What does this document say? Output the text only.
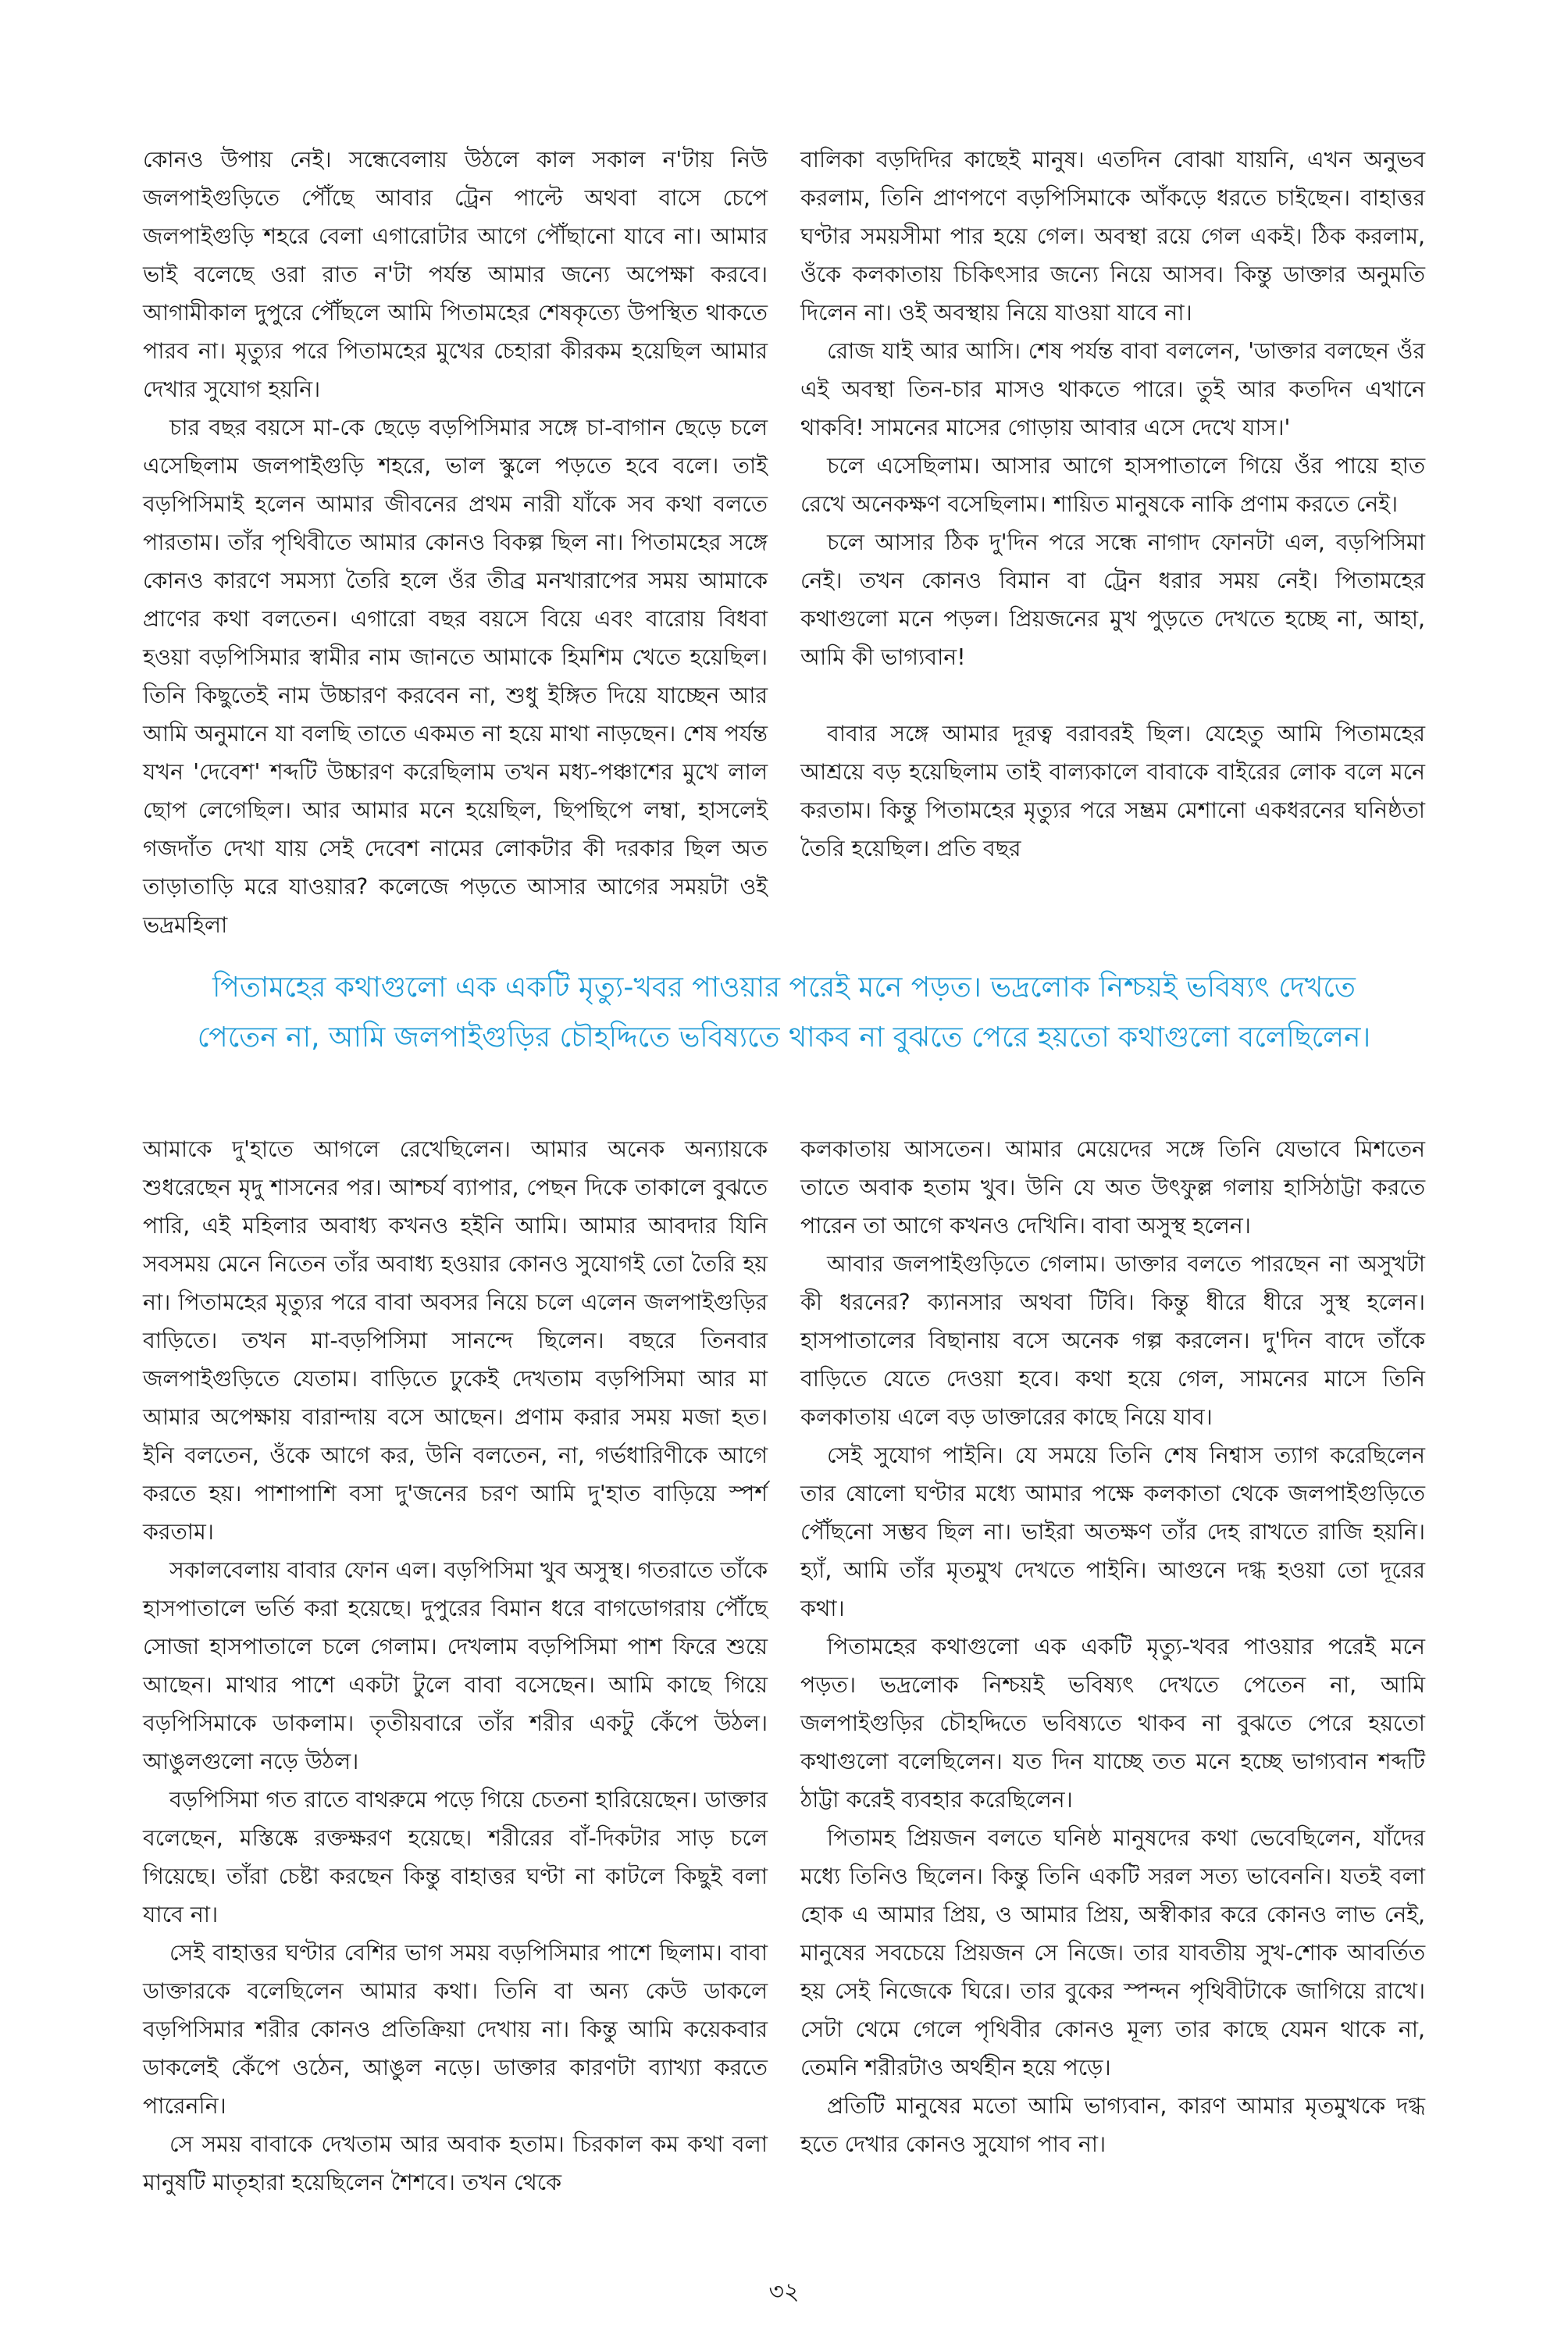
কোনও উপায় নেই। সন্ধেবেলায় উঠলে কাল সকাল ন'টায় নিউ জলপাইগুড়িতে পৌঁছে আবার ট্রেন পাল্টে অথবা বাসে চেপে জলপাইগুড়ি শহরে বেলা এগারোটার আগে পৌঁছানো যাবে না। আমার ভাই বলেছে ওরা রাত ন'টা পর্যন্ত আমার জন্যে অপেক্ষা করবে। আগামীকাল দুপুরে পৌঁছলে আমি পিতামহের শেষকৃত্যে উপস্থিত থাকতে পারব না। মৃত্যুর পরে পিতামহের মুখের চেহারা কীরকম হয়েছিল আমার দেখার সুযোগ হয়নি।

চার বছর বয়সে মা-কে ছেড়ে বড়পিসিমার সঙ্গে চা-বাগান ছেড়ে চলে এসেছিলাম জলপাইগুড়ি শহরে, ভাল স্কুলে পড়তে হবে বলে। তাই বড়পিসিমাই হলেন আমার জীবনের প্রথম নারী যাঁকে সব কথা বলতে পারতাম। তাঁর পৃথিবীতে আমার কোনও বিকল্প ছিল না। পিতামহের সঙ্গে কোনও কারণে সমস্যা তৈরি হলে ওঁর তীব্র মনখারাপের সময় আমাকে প্রাণের কথা বলতেন। এগারো বছর বয়সে বিয়ে এবং বারোয় বিধবা হওয়া বড়পিসিমার স্বামীর নাম জানতে আমাকে হিমশিম খেতে হয়েছিল। তিনি কিছুতেই নাম উচ্চারণ করবেন না, শুধু ইঙ্গিত দিয়ে যাচ্ছেন আর আমি অনুমানে যা বলছি তাতে একমত না হয়ে মাথা নাড়ছেন। শেষ পর্যন্ত যখন 'দেবেশ' শব্দটি উচ্চারণ করেছিলাম তখন মধ্য-পঞ্চাশের মুখে লাল ছোপ লেগেছিল। আর আমার মনে হয়েছিল, ছিপছিপে লম্বা, হাসলেই গজদাঁত দেখা যায় সেই দেবেশ নামের লোকটার কী দরকার ছিল অত তাড়াতাড়ি মরে যাওয়ার? কলেজে পড়তে আসার আগের সময়টা ওই ভদ্রমহিলা

বালিকা বড়দিদির কাছেই মানুষ। এতদিন বোঝা যায়নি, এখন অনুভব করলাম, তিনি প্রাণপণে বড়পিসিমাকে আঁকড়ে ধরতে চাইছেন। বাহাত্তর ঘণ্টার সময়সীমা পার হয়ে গেল। অবস্থা রয়ে গেল একই। ঠিক করলাম, ওঁকে কলকাতায় চিকিৎসার জন্যে নিয়ে আসব। কিন্তু ডাক্তার অনুমতি দিলেন না। ওই অবস্থায় নিয়ে যাওয়া যাবে না।

রোজ যাই আর আসি। শেষ পর্যন্ত বাবা বললেন, 'ডাক্তার বলছেন ওঁর এই অবস্থা তিন-চার মাসও থাকতে পারে। তুই আর কতদিন এখানে থাকবি! সামনের মাসের গোড়ায় আবার এসে দেখে যাস।'

চলে এসেছিলাম। আসার আগে হাসপাতালে গিয়ে ওঁর পায়ে হাত রেখে অনেকক্ষণ বসেছিলাম। শায়িত মানুষকে নাকি প্রণাম করতে নেই।

চলে আসার ঠিক দু'দিন পরে সন্ধে নাগাদ ফোনটা এল, বড়পিসিমা নেই। তখন কোনও বিমান বা ট্রেন ধরার সময় নেই। পিতামহের কথাগুলো মনে পড়ল। প্রিয়জনের মুখ পুড়তে দেখতে হচ্ছে না, আহা, আমি কী ভাগ্যবান!

বাবার সঙ্গে আমার দূরত্ব বরাবরই ছিল। যেহেতু আমি পিতামহের আশ্রয়ে বড় হয়েছিলাম তাই বাল্যকালে বাবাকে বাইরের লোক বলে মনে করতাম। কিন্তু পিতামহের মৃত্যুর পরে সম্ভ্রম মেশানো একধরনের ঘনিষ্ঠতা তৈরি হয়েছিল। প্রতি বছর

পিতামহের কথাগুলো এক একটি মৃত্যু-খবর পাওয়ার পরেই মনে পড়ত। ভদ্রলোক নিশ্চয়ই ভবিষ্যৎ দেখতে
পেতেন না, আমি জলপাইগুড়ির চৌহদ্দিতে ভবিষ্যতে থাকব না বুঝতে পেরে হয়তো কথাগুলো বলেছিলেন।

আমাকে দু'হাতে আগলে রেখেছিলেন। আমার অনেক অন্যায়কে শুধরেছেন মৃদু শাসনের পর। আশ্চর্য ব্যাপার, পেছন দিকে তাকালে বুঝতে পারি, এই মহিলার অবাধ্য কখনও হইনি আমি। আমার আবদার যিনি সবসময় মেনে নিতেন তাঁর অবাধ্য হওয়ার কোনও সুযোগই তো তৈরি হয় না। পিতামহের মৃত্যুর পরে বাবা অবসর নিয়ে চলে এলেন জলপাইগুড়ির বাড়িতে। তখন মা-বড়পিসিমা সানন্দে ছিলেন। বছরে তিনবার জলপাইগুড়িতে যেতাম। বাড়িতে ঢুকেই দেখতাম বড়পিসিমা আর মা আমার অপেক্ষায় বারান্দায় বসে আছেন। প্রণাম করার সময় মজা হত। ইনি বলতেন, ওঁকে আগে কর, উনি বলতেন, না, গর্ভধারিণীকে আগে করতে হয়। পাশাপাশি বসা দু'জনের চরণ আমি দু'হাত বাড়িয়ে স্পর্শ করতাম।

সকালবেলায় বাবার ফোন এল। বড়পিসিমা খুব অসুস্থ। গতরাতে তাঁকে হাসপাতালে ভর্তি করা হয়েছে। দুপুরের বিমান ধরে বাগডোগরায় পৌঁছে সোজা হাসপাতালে চলে গেলাম। দেখলাম বড়পিসিমা পাশ ফিরে শুয়ে আছেন। মাথার পাশে একটা টুলে বাবা বসেছেন। আমি কাছে গিয়ে বড়পিসিমাকে ডাকলাম। তৃতীয়বারে তাঁর শরীর একটু কেঁপে উঠল। আঙুলগুলো নড়ে উঠল।

বড়পিসিমা গত রাতে বাথরুমে পড়ে গিয়ে চেতনা হারিয়েছেন। ডাক্তার বলেছেন, মস্তিষ্কে রক্তক্ষরণ হয়েছে। শরীরের বাঁ-দিকটার সাড় চলে গিয়েছে। তাঁরা চেষ্টা করছেন কিন্তু বাহাত্তর ঘণ্টা না কাটলে কিছুই বলা যাবে না।

সেই বাহাত্তর ঘণ্টার বেশির ভাগ সময় বড়পিসিমার পাশে ছিলাম। বাবা ডাক্তারকে বলেছিলেন আমার কথা। তিনি বা অন্য কেউ ডাকলে বড়পিসিমার শরীর কোনও প্রতিক্রিয়া দেখায় না। কিন্তু আমি কয়েকবার ডাকলেই কেঁপে ওঠেন, আঙুল নড়ে। ডাক্তার কারণটা ব্যাখ্যা করতে পারেননি।

সে সময় বাবাকে দেখতাম আর অবাক হতাম। চিরকাল কম কথা বলা মানুষটি মাতৃহারা হয়েছিলেন শৈশবে। তখন থেকে

কলকাতায় আসতেন। আমার মেয়েদের সঙ্গে তিনি যেভাবে মিশতেন তাতে অবাক হতাম খুব। উনি যে অত উৎফুল্ল গলায় হাসিঠাট্টা করতে পারেন তা আগে কখনও দেখিনি। বাবা অসুস্থ হলেন।

আবার জলপাইগুড়িতে গেলাম। ডাক্তার বলতে পারছেন না অসুখটা কী ধরনের? ক্যানসার অথবা টিবি। কিন্তু ধীরে ধীরে সুস্থ হলেন। হাসপাতালের বিছানায় বসে অনেক গল্প করলেন। দু'দিন বাদে তাঁকে বাড়িতে যেতে দেওয়া হবে। কথা হয়ে গেল, সামনের মাসে তিনি কলকাতায় এলে বড় ডাক্তারের কাছে নিয়ে যাব।

সেই সুযোগ পাইনি। যে সময়ে তিনি শেষ নিশ্বাস ত্যাগ করেছিলেন তার ষোলো ঘণ্টার মধ্যে আমার পক্ষে কলকাতা থেকে জলপাইগুড়িতে পৌঁছনো সম্ভব ছিল না। ভাইরা অতক্ষণ তাঁর দেহ রাখতে রাজি হয়নি। হ্যাঁ, আমি তাঁর মৃতমুখ দেখতে পাইনি। আগুনে দগ্ধ হওয়া তো দূরের কথা।

পিতামহের কথাগুলো এক একটি মৃত্যু-খবর পাওয়ার পরেই মনে পড়ত। ভদ্রলোক নিশ্চয়ই ভবিষ্যৎ দেখতে পেতেন না, আমি জলপাইগুড়ির চৌহদ্দিতে ভবিষ্যতে থাকব না বুঝতে পেরে হয়তো কথাগুলো বলেছিলেন। যত দিন যাচ্ছে তত মনে হচ্ছে ভাগ্যবান শব্দটি ঠাট্টা করেই ব্যবহার করেছিলেন।

পিতামহ প্রিয়জন বলতে ঘনিষ্ঠ মানুষদের কথা ভেবেছিলেন, যাঁদের মধ্যে তিনিও ছিলেন। কিন্তু তিনি একটি সরল সত্য ভাবেননি। যতই বলা হোক এ আমার প্রিয়, ও আমার প্রিয়, অস্বীকার করে কোনও লাভ নেই, মানুষের সবচেয়ে প্রিয়জন সে নিজে। তার যাবতীয় সুখ-শোক আবর্তিত হয় সেই নিজেকে ঘিরে। তার বুকের স্পন্দন পৃথিবীটাকে জাগিয়ে রাখে। সেটা থেমে গেলে পৃথিবীর কোনও মূল্য তার কাছে যেমন থাকে না, তেমনি শরীরটাও অর্থহীন হয়ে পড়ে।

প্রতিটি মানুষের মতো আমি ভাগ্যবান, কারণ আমার মৃতমুখকে দগ্ধ হতে দেখার কোনও সুযোগ পাব না।

৩২
